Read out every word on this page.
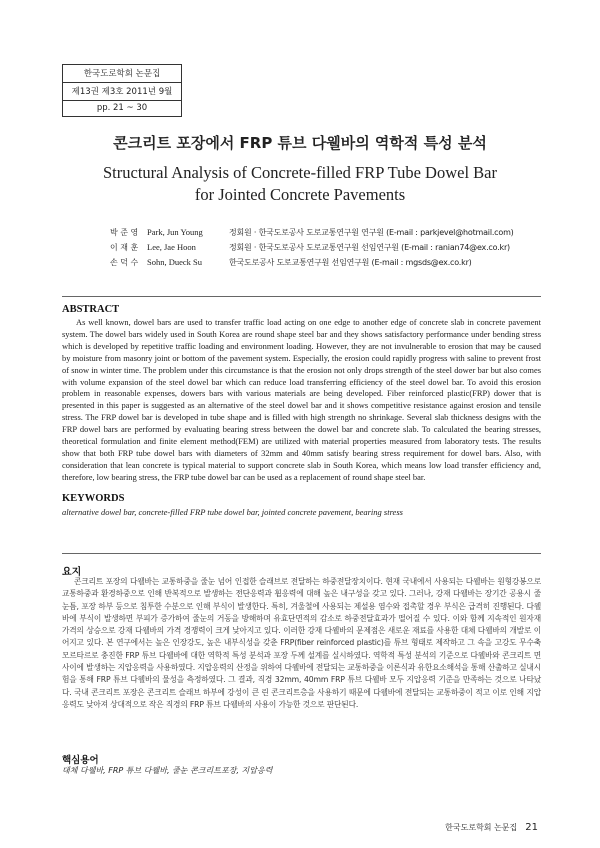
한국도로학회 논문집
제13권 제3호 2011년 9월
pp. 21 ~ 30
콘크리트 포장에서 FRP 튜브 다웰바의 역학적 특성 분석
Structural Analysis of Concrete-filled FRP Tube Dowel Bar
for Jointed Concrete Pavements
박 준 영	Park, Jun Young	정회원 · 한국도로공사 도로교통연구원 연구원 (E-mail : parkjevel@hotmail.com)
이 재 훈	Lee, Jae Hoon	정회원 · 한국도로공사 도로교통연구원 선임연구원 (E-mail : ranian74@ex.co.kr)
손 덕 수	Sohn, Dueck Su	한국도로공사 도로교통연구원 선임연구원 (E-mail : mgsds@ex.co.kr)
ABSTRACT
As well known, dowel bars are used to transfer traffic load acting on one edge to another edge of concrete slab in concrete pavement system. The dowel bars widely used in South Korea are round shape steel bar and they shows satisfactory performance under bending stress which is developed by repetitive traffic loading and environment loading. However, they are not invulnerable to erosion that may be caused by moisture from masonry joint or bottom of the pavement system. Especially, the erosion could rapidly progress with saline to prevent frost of snow in winter time. The problem under this circumstance is that the erosion not only drops strength of the steel dower bar but also comes with volume expansion of the steel dowel bar which can reduce load transferring efficiency of the steel dowel bar. To avoid this erosion problem in reasonable expenses, dowers bars with various materials are being developed. Fiber reinforced plastic(FRP) dower that is presented in this paper is suggested as an alternative of the steel dowel bar and it shows competitive resistance against erosion and tensile stress. The FRP dowel bar is developed in tube shape and is filled with high strength no shrinkage. Several slab thickness designs with the FRP dowel bars are performed by evaluating bearing stress between the dowel bar and concrete slab. To calculated the bearing stresses, theoretical formulation and finite element method(FEM) are utilized with material properties measured from laboratory tests. The results show that both FRP tube dowel bars with diameters of 32mm and 40mm satisfy bearing stress requirement for dowel bars. Also, with consideration that lean concrete is typical material to support concrete slab in South Korea, which means low load transfer efficiency and, therefore, low bearing stress, the FRP tube dowel bar can be used as a replacement of round shape steel bar.
KEYWORDS
alternative dowel bar, concrete-filled FRP tube dowel bar, jointed concrete pavement, bearing stress
요지
콘크리트 포장의 다웰바는 교통하중을 줄눈 넘어 인접한 슬래브로 전달하는 하중전달장치이다. 현재 국내에서 사용되는 다웰바는 원형강봉으로 교통하중과 환경하중으로 인해 반복적으로 발생하는 전단응력과 휨응력에 대해 높은 내구성을 갖고 있다. 그러나, 강재 다웰바는 장기간 공용시 줄눈틈, 포장 하부 등으로 침투한 수분으로 인해 부식이 발생한다. 특히, 겨울철에 사용되는 제설용 염수와 접촉할 경우 부식은 급격히 진행된다. 다웰바에 부식이 발생하면 부피가 증가하여 줄눈의 거동을 방해하며 유효단면적의 감소로 하중전달효과가 떨어질 수 있다. 이와 함께 지속적인 원자재 가격의 상승으로 강재 다웰바의 가격 경쟁력이 크게 낮아지고 있다. 이러한 강재 다웰바의 문제점은 새로운 재료를 사용한 대체 다웰바의 개발로 이어지고 있다. 본 연구에서는 높은 인장강도, 높은 내부식성을 갖춘 FRP(fiber reinforced plastic)를 튜브 형태로 제작하고 그 속을 고강도 무수축 모르타르로 충진한 FRP 튜브 다웰바에 대한 역학적 특성 분석과 포장 두께 설계를 실시하였다. 역학적 특성 분석의 기준으로 다웰바와 콘크리트 면 사이에 발생하는 지압응력을 사용하였다. 지압응력의 산정을 위하여 다웰바에 전달되는 교통하중을 이론식과 유한요소해석을 통해 산출하고 실내시험을 통해 FRP 튜브 다웰바의 물성을 측정하였다. 그 결과, 직경 32mm, 40mm FRP 튜브 다웰바 모두 지압응력 기준을 만족하는 것으로 나타났다. 국내 콘크리트 포장은 콘크리트 슬래브 하부에 강성이 큰 린 콘크리트층을 사용하기 때문에 다웰바에 전달되는 교통하중이 적고 이로 인해 지압응력도 낮아져 상대적으로 작은 직경의 FRP 튜브 다웰바의 사용이 가능한 것으로 판단된다.
핵심용어
대체 다웰바, FRP 튜브 다웰바, 줄눈 콘크리트포장, 지압응력
한국도로학회 논문집 21
